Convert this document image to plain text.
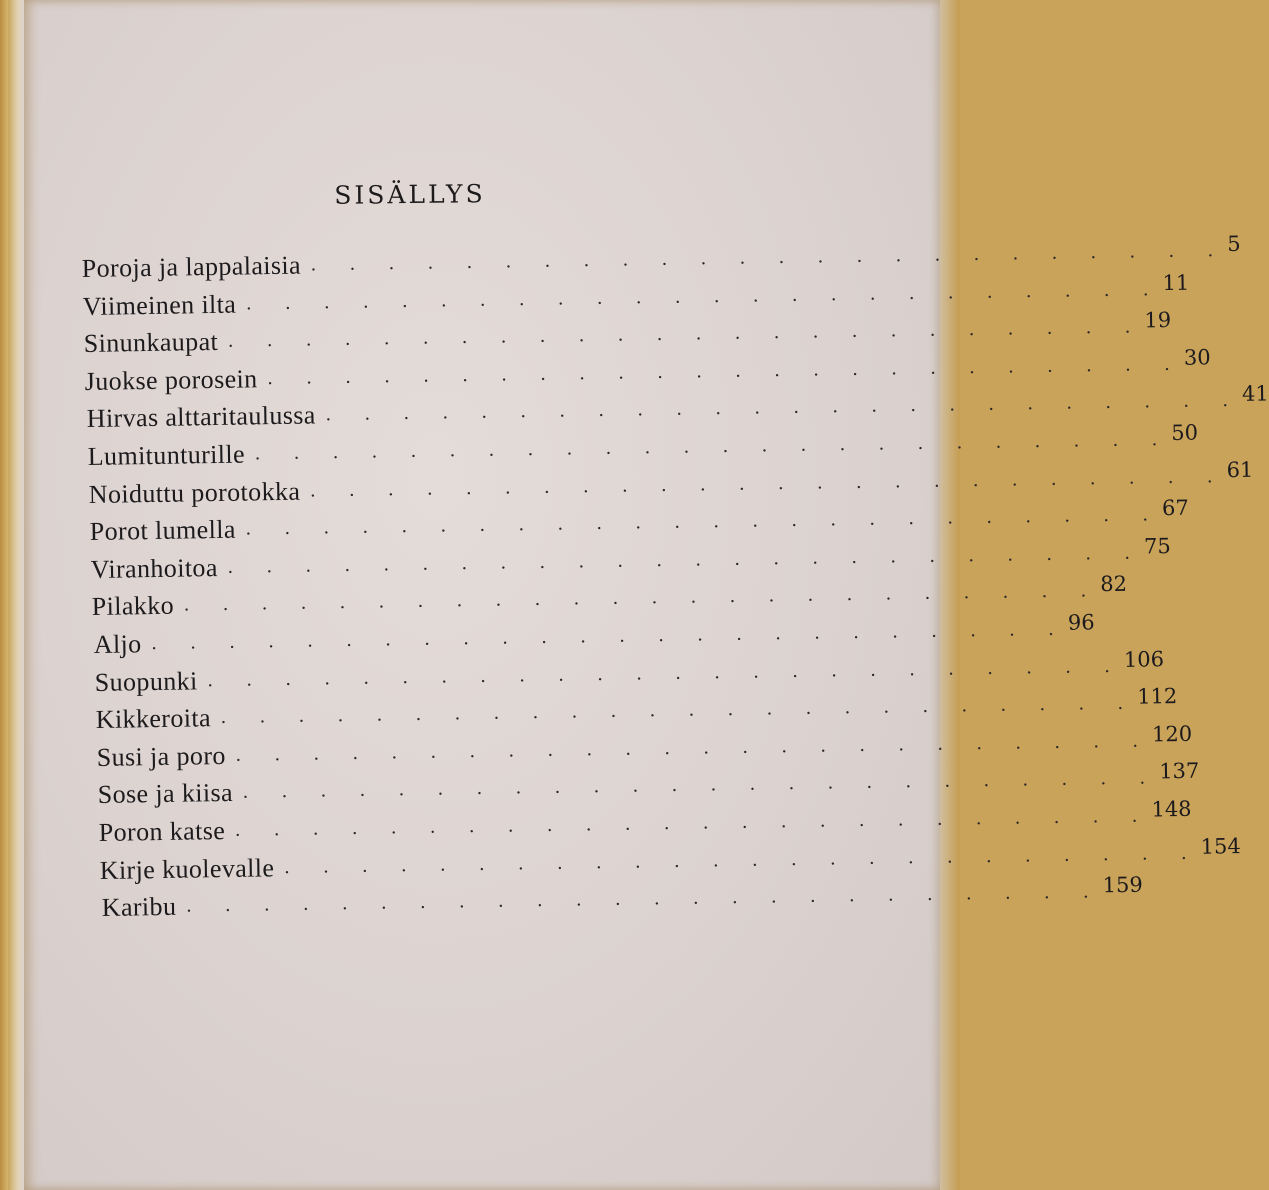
SISÄLLYS
Poroja ja lappalaisia . . . . . . . . . . . . . . . . . . . . . . . . 5
Viimeinen ilta . . . . . . . . . . . . . . . . . . . . . . . . 11
Sinunkaupat . . . . . . . . . . . . . . . . . . . . . . . . 19
Juokse porosein . . . . . . . . . . . . . . . . . . . . . . . . 30
Hirvas alttaritaulussa . . . . . . . . . . . . . . . . . . . . . . . . 41
Lumitunturille . . . . . . . . . . . . . . . . . . . . . . . . 50
Noiduttu porotokka . . . . . . . . . . . . . . . . . . . . . . . . 61
Porot lumella . . . . . . . . . . . . . . . . . . . . . . . . 67
Viranhoitoa . . . . . . . . . . . . . . . . . . . . . . . . 75
Pilakko . . . . . . . . . . . . . . . . . . . . . . . . 82
Aljo . . . . . . . . . . . . . . . . . . . . . . . . 96
Suopunki . . . . . . . . . . . . . . . . . . . . . . . . 106
Kikkeroita . . . . . . . . . . . . . . . . . . . . . . . . 112
Susi ja poro . . . . . . . . . . . . . . . . . . . . . . . . 120
Sose ja kiisa . . . . . . . . . . . . . . . . . . . . . . . . 137
Poron katse . . . . . . . . . . . . . . . . . . . . . . . . 148
Kirje kuolevalle . . . . . . . . . . . . . . . . . . . . . . . . 154
Karibu . . . . . . . . . . . . . . . . . . . . . . . . 159
